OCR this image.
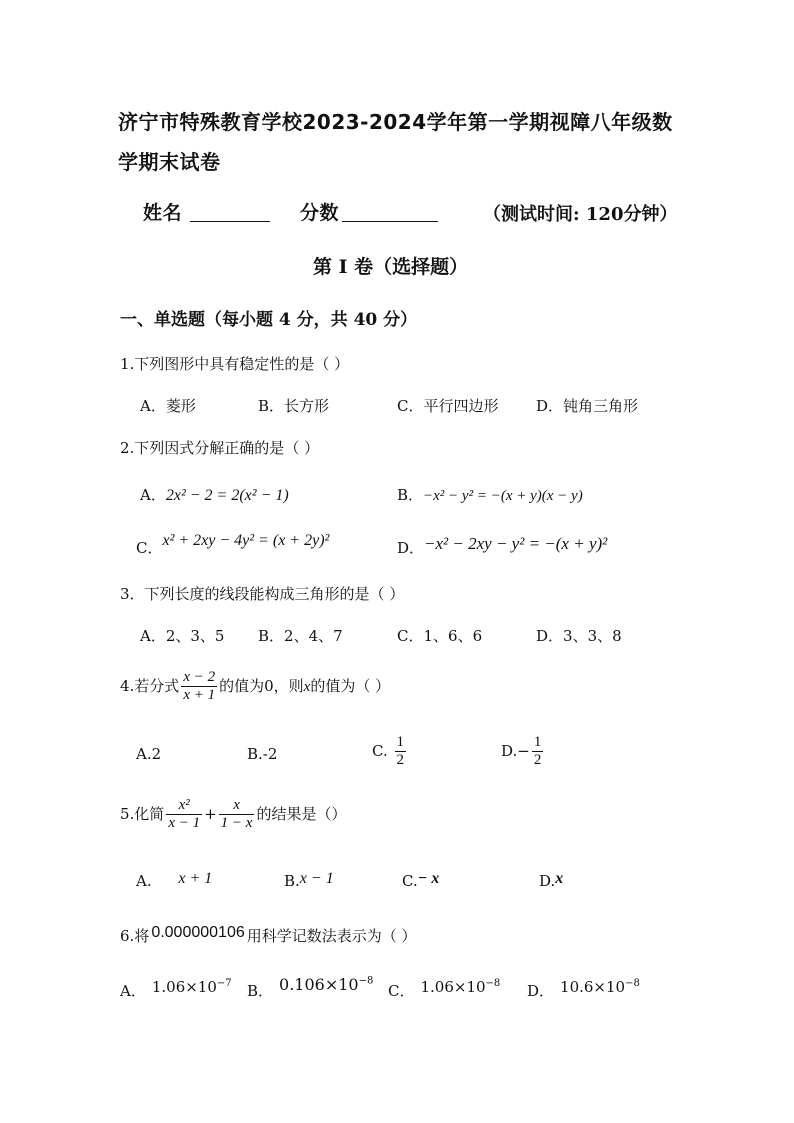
济宁市特殊教育学校2023-2024学年第一学期视障八年级数
学期末试卷
姓名	分数	（测试时间: 120分钟）
第 I 卷（选择题）
一、单选题（每小题 4 分，共 40 分）
1.下列图形中具有稳定性的是（ ）
A．菱形	B．长方形	C．平行四边形	D．钝角三角形
2.下列因式分解正确的是（ ）
A．2x² − 2 = 2(x² − 1)	B．−x² − y² = −(x + y)(x − y)
C．x² + 2xy − 4y² = (x + 2y)²	D．−x² − 2xy − y² = −(x + y)²
3．下列长度的线段能构成三角形的是（ ）
A．2、3、5 B．2、4、7	C．1、6、6	D．3、3、8
4.若分式 $\frac{x - 2}{x + 1}$ 的值为0，则x的值为（ ）
A.2	B.-2	C. $\frac{1}{2}$	$D.- \frac{1}{2}$
5.化简 $\frac{\text{x²}}{x - 1} + \frac{x}{1 - x}$ 的结果是（）
A. x + 1	B.x − 1	C.− x	D.x
6.将 0.000000106 用科学记数法表示为（ ）
A． $1.06\times 10^{-7}$ B． $0.106\times 10^{-8}$
C． $1.06\times 10^{-8}$ D． $10.6\times 10^{-8}$
